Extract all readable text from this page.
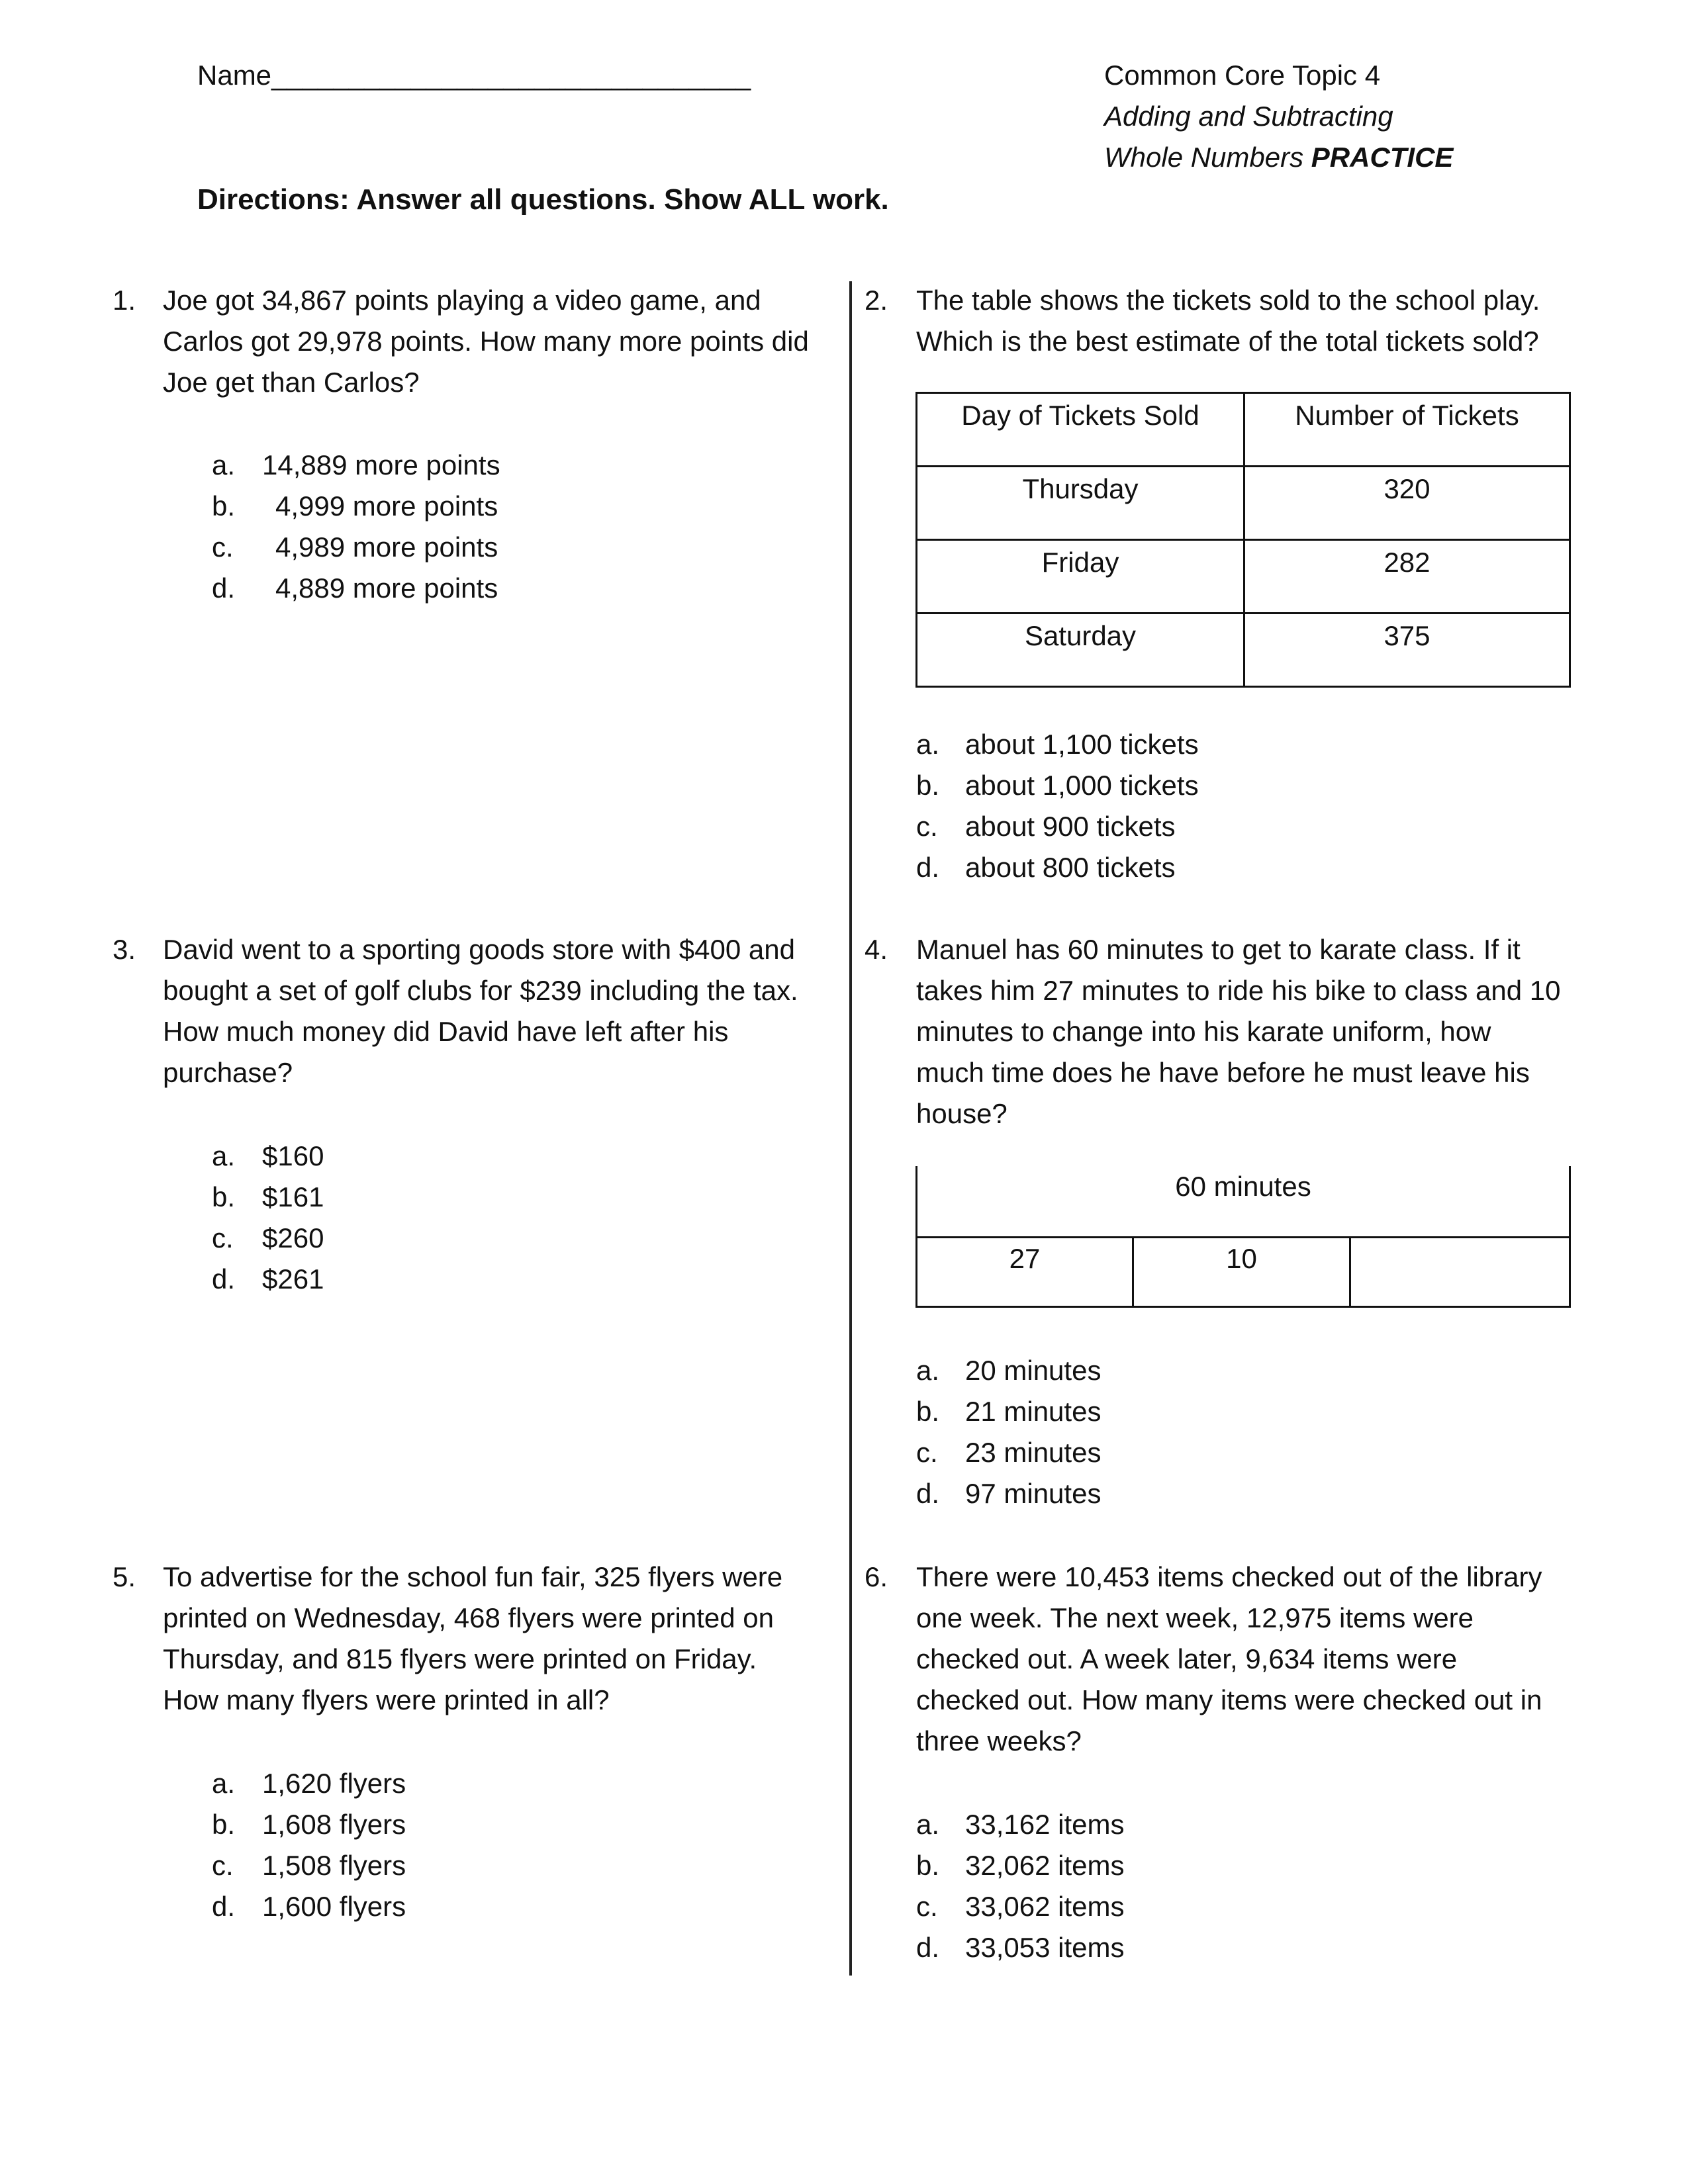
Name_______________________________	Common Core Topic 4
Adding and Subtracting
Whole Numbers PRACTICE
Directions: Answer all questions. Show ALL work.
1. Joe got 34,867 points playing a video game, and
Carlos got 29,978 points. How many more points did
Joe get than Carlos?
a. 14,889 more points
b. 4,999 more points
c. 4,989 more points
d. 4,889 more points
2. The table shows the tickets sold to the school play.
Which is the best estimate of the total tickets sold?
Day of Tickets Sold	Number of Tickets
Thursday	320
Friday	282
Saturday	375
a. about 1,100 tickets
b. about 1,000 tickets
c. about 900 tickets
d. about 800 tickets
3. David went to a sporting goods store with $400 and
bought a set of golf clubs for $239 including the tax.
How much money did David have left after his
purchase?
a. $160
b. $161
c. $260
d. $261
4. Manuel has 60 minutes to get to karate class. If it
takes him 27 minutes to ride his bike to class and 10
minutes to change into his karate uniform, how
much time does he have before he must leave his
house?
60 minutes
27	10
a. 20 minutes
b. 21 minutes
c. 23 minutes
d. 97 minutes
5. To advertise for the school fun fair, 325 flyers were
printed on Wednesday, 468 flyers were printed on
Thursday, and 815 flyers were printed on Friday.
How many flyers were printed in all?
a. 1,620 flyers
b. 1,608 flyers
c. 1,508 flyers
d. 1,600 flyers
6. There were 10,453 items checked out of the library
one week. The next week, 12,975 items were
checked out. A week later, 9,634 items were
checked out. How many items were checked out in
three weeks?
a. 33,162 items
b. 32,062 items
c. 33,062 items
d. 33,053 items
